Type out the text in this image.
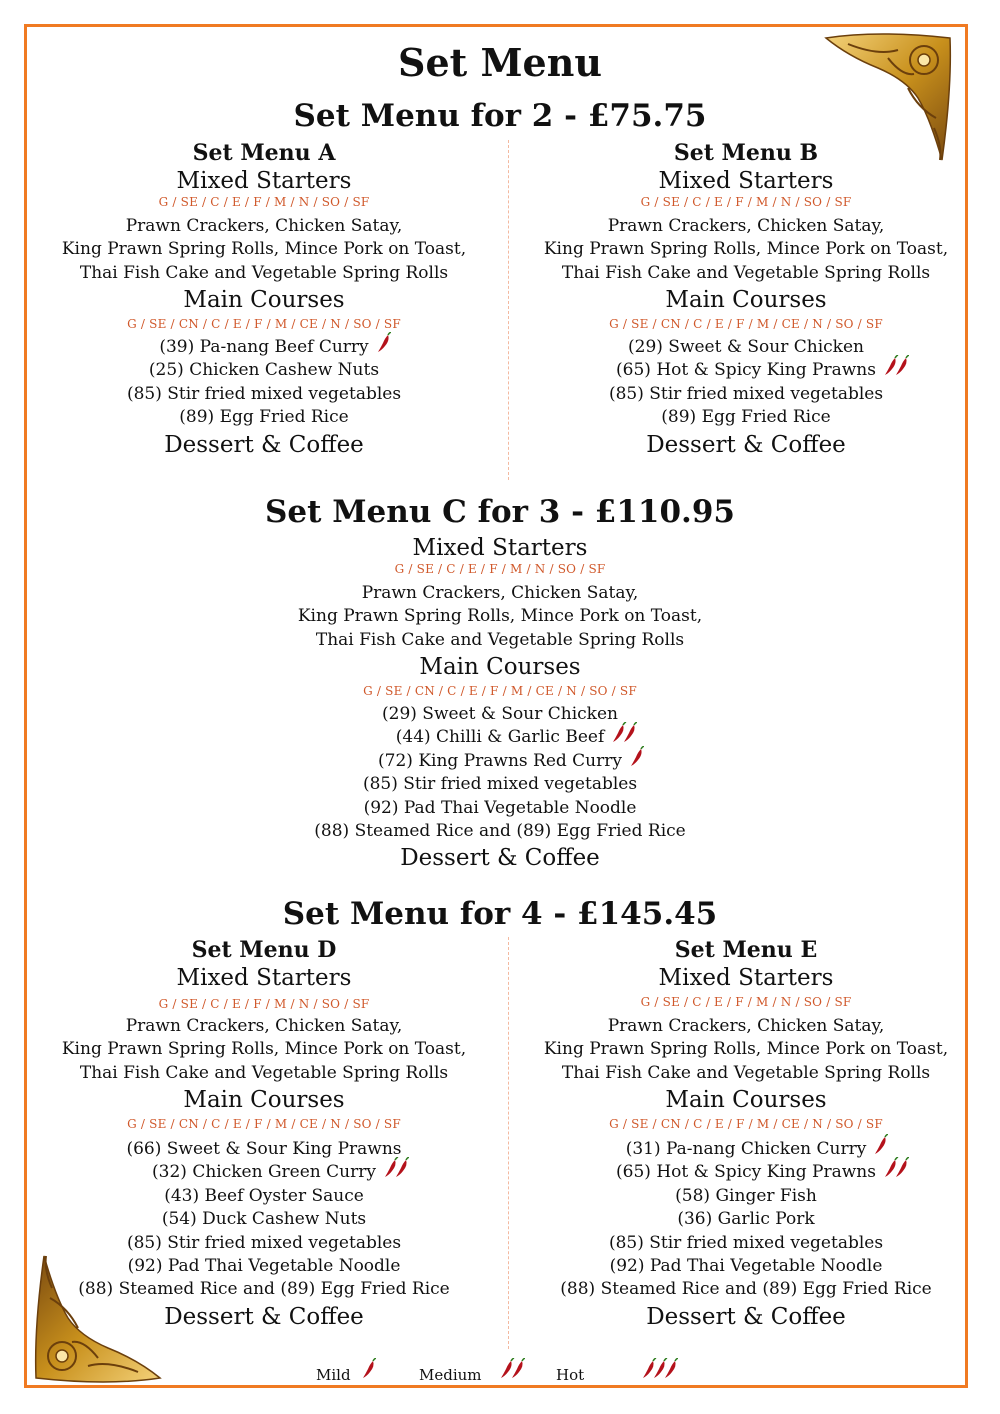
Set Menu
Set Menu for 2 - £75.75
Set Menu A
Mixed Starters
G / SE / C / E / F / M / N / SO / SF
Prawn Crackers, Chicken Satay,
King Prawn Spring Rolls, Mince Pork on Toast,
Thai Fish Cake and Vegetable Spring Rolls
Main Courses
G / SE / CN / C / E / F / M / CE / N / SO / SF
(39) Pa-nang Beef Curry
(25) Chicken Cashew Nuts
(85) Stir fried mixed vegetables
(89) Egg Fried Rice
Dessert & Coffee
Set Menu B
Mixed Starters
G / SE / C / E / F / M / N / SO / SF
Prawn Crackers, Chicken Satay,
King Prawn Spring Rolls, Mince Pork on Toast,
Thai Fish Cake and Vegetable Spring Rolls
Main Courses
G / SE / CN / C / E / F / M / CE / N / SO / SF
(29) Sweet & Sour Chicken
(65) Hot & Spicy King Prawns
(85) Stir fried mixed vegetables
(89) Egg Fried Rice
Dessert & Coffee
Set Menu C for 3 - £110.95
Mixed Starters
G / SE / C / E / F / M / N / SO / SF
Prawn Crackers, Chicken Satay,
King Prawn Spring Rolls, Mince Pork on Toast,
Thai Fish Cake and Vegetable Spring Rolls
Main Courses
G / SE / CN / C / E / F / M / CE / N / SO / SF
(29) Sweet & Sour Chicken
(44) Chilli & Garlic Beef
(72) King Prawns Red Curry
(85) Stir fried mixed vegetables
(92) Pad Thai Vegetable Noodle
(88) Steamed Rice and (89) Egg Fried Rice
Dessert & Coffee
Set Menu for 4 - £145.45
Set Menu D
Mixed Starters
G / SE / C / E / F / M / N / SO / SF
Prawn Crackers, Chicken Satay,
King Prawn Spring Rolls, Mince Pork on Toast,
Thai Fish Cake and Vegetable Spring Rolls
Main Courses
G / SE / CN / C / E / F / M / CE / N / SO / SF
(66) Sweet & Sour King Prawns
(32) Chicken Green Curry
(43) Beef Oyster Sauce
(54) Duck Cashew Nuts
(85) Stir fried mixed vegetables
(92) Pad Thai Vegetable Noodle
(88) Steamed Rice and (89) Egg Fried Rice
Dessert & Coffee
Set Menu E
Mixed Starters
G / SE / C / E / F / M / N / SO / SF
Prawn Crackers, Chicken Satay,
King Prawn Spring Rolls, Mince Pork on Toast,
Thai Fish Cake and Vegetable Spring Rolls
Main Courses
G / SE / CN / C / E / F / M / CE / N / SO / SF
(31) Pa-nang Chicken Curry
(65) Hot & Spicy King Prawns
(58) Ginger Fish
(36) Garlic Pork
(85) Stir fried mixed vegetables
(92) Pad Thai Vegetable Noodle
(88) Steamed Rice and (89) Egg Fried Rice
Dessert & Coffee
Mild	Medium	Hot
